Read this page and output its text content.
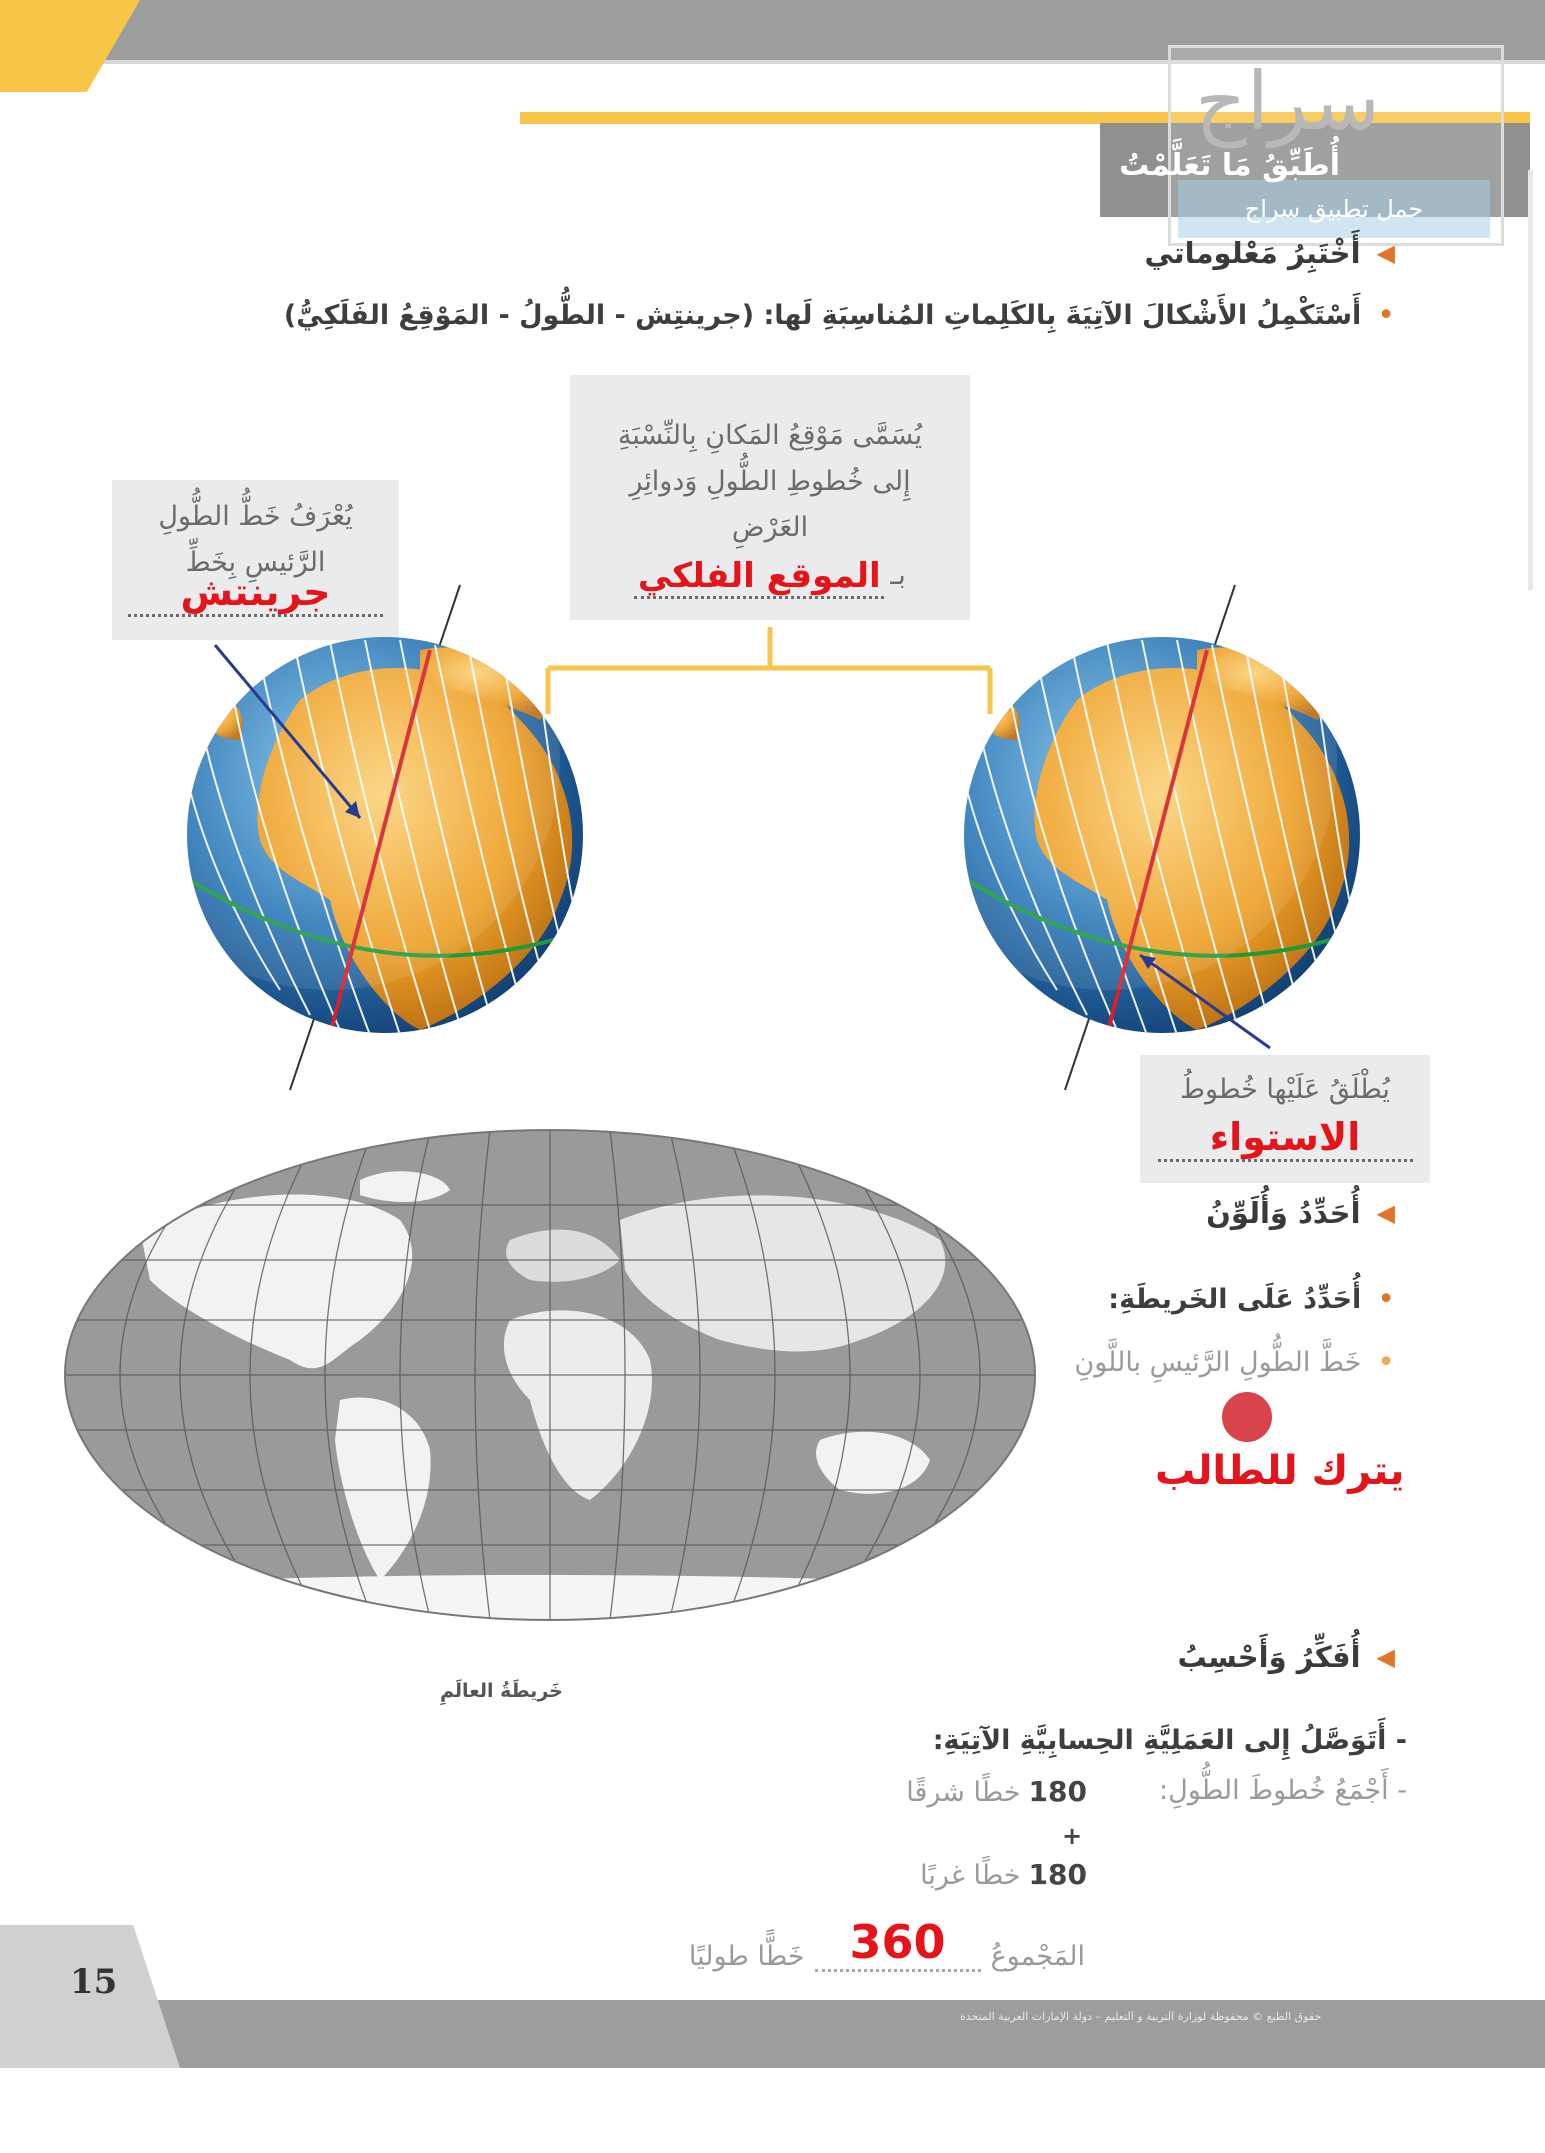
سراج
حمل تطبيق سراج
أُطَبِّقُ مَا تَعَلَّمْتُ
◀
أَخْتَبِرُ مَعْلوماتي
•
أَسْتَكْمِلُ الأَشْكالَ الآتِيَةَ بِالكَلِماتِ المُناسِبَةِ لَها: (جرينتِش - الطُّولُ - المَوْقِعُ الفَلَكِيُّ)
يُسَمَّى مَوْقِعُ المَكانِ بِالنِّسْبَةِ
إِلى خُطوطِ الطُّولِ وَدوائِرِ
العَرْضِ
بـ
الموقع الفلكي
يُعْرَفُ خَطُّ الطُّولِ
الرَّئيسِ بِخَطِّ
جرينتش
يُطْلَقُ عَلَيْها خُطوطُ
الاستواء
خَريطَةُ العالَمِ
◀
أُحَدِّدُ وَأُلَوِّنُ
•
أُحَدِّدُ عَلَى الخَريطَةِ:
•
خَطَّ الطُّولِ الرَّئيسِ باللَّونِ
يترك للطالب
◀
أُفَكِّرُ وَأَحْسِبُ
- أَتَوَصَّلُ إِلى العَمَلِيَّةِ الحِسابِيَّةِ الآتِيَةِ:
- أَجْمَعُ خُطوطَ الطُّولِ:
180
خطًا شرقًا
+
180
خطًا غربًا
المَجْموعُ
360
خَطًّا طوليًا
15
حقوق الطبع © محفوظة لوزارة التربية و التعليم – دولة الإمارات العربية المتحدة
